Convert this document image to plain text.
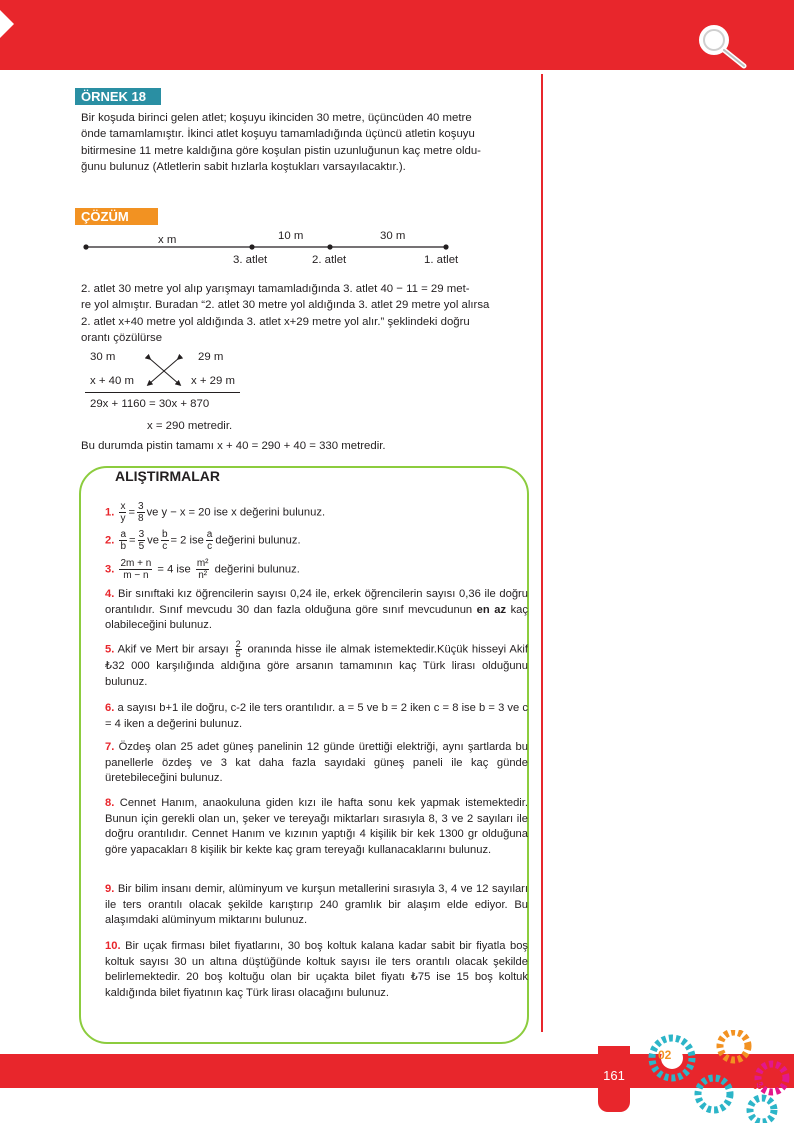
ÖRNEK 18
Bir koşuda birinci gelen atlet; koşuyu ikinciden 30 metre, üçüncüden 40 metre
önde tamamlamıştır. İkinci atlet koşuyu tamamladığında üçüncü atletin koşuyu
bitirmesine 11 metre kaldığına göre koşulan pistin uzunluğunun kaç metre oldu-
ğunu bulunuz (Atletlerin sabit hızlarla koştukları varsayılacaktır.).
ÇÖZÜM
x m	10 m	30 m
3. atlet	2. atlet	1. atlet
2. atlet 30 metre yol alıp yarışmayı tamamladığında 3. atlet 40 − 11 = 29 met-
re yol almıştır. Buradan “2. atlet 30 metre yol aldığında 3. atlet 29 metre yol alırsa
2. atlet x+40 metre yol aldığında 3. atlet x+29 metre yol alır.” şeklindeki doğru
orantı çözülürse
30 m	29 m
x + 40 m	x + 29 m
29x + 1160 = 30x + 870
x = 290 metredir.
Bu durumda pistin tamamı x + 40 = 290 + 40 = 330 metredir.
ALIŞTIRMALAR
1. $\frac{x}{y} = \frac{3}{8}$ ve y − x = 20 ise x değerini bulunuz.
2. $\frac{a}{b} = \frac{3}{5}$ ve $\frac{b}{c} = 2$ ise $\frac{a}{c}$ değerini bulunuz.
3. $\frac{2m + n}{m - n} = 4$ ise $\frac{\text{m²}}{\text{n²}}$ değerini bulunuz.
4. Bir sınıftaki kız öğrencilerin sayısı 0,24 ile, erkek öğrencilerin sayısı 0,36 ile doğru orantılıdır. Sınıf mevcudu 30 dan fazla olduğuna göre sınıf mevcudunun en az kaç olabileceğini bulunuz.
5. Akif ve Mert bir arsayı $\frac{2}{5}$ oranında hisse ile almak istemektedir.Küçük hisseyi Akif ₺32 000 karşılığında aldığına göre arsanın tamamının kaç Türk lirası olduğunu bulunuz.
6. a sayısı b+1 ile doğru, c-2 ile ters orantılıdır. a = 5 ve b = 2 iken c = 8 ise b = 3 ve c = 4 iken a değerini bulunuz.
7. Özdeş olan 25 adet güneş panelinin 12 günde ürettiği elektriği, aynı şartlarda bu panellerle özdeş ve 3 kat daha fazla sayıdaki güneş paneli ile kaç günde üretebileceğini bulunuz.
8. Cennet Hanım, anaokuluna giden kızı ile hafta sonu kek yapmak istemektedir. Bunun için gerekli olan un, şeker ve tereyağı miktarları sırasıyla 8, 3 ve 2 sayıları ile doğru orantılıdır. Cennet Hanım ve kızının yaptığı 4 kişilik bir kek 1300 gr olduğuna göre yapacakları 8 kişilik bir kekte kaç gram tereyağı kullanacaklarını bulunuz.
9. Bir bilim insanı demir, alüminyum ve kurşun metallerini sırasıyla 3, 4 ve 12 sayıları ile ters orantılı olacak şekilde karıştırıp 240 gramlık bir alaşım elde ediyor. Bu alaşımdaki alüminyum miktarını bulunuz.
10. Bir uçak firması bilet fiyatlarını, 30 boş koltuk kalana kadar sabit bir fiyatla boş koltuk sayısı 30 un altına düştüğünde koltuk sayısı ile ters orantılı olacak şekilde belirlemektedir. 20 boş koltuğu olan bir uçakta bilet fiyatı ₺75 ise 15 boş koltuk kaldığında bilet fiyatının kaç Türk lirası olacağını bulunuz.
02
05
161
